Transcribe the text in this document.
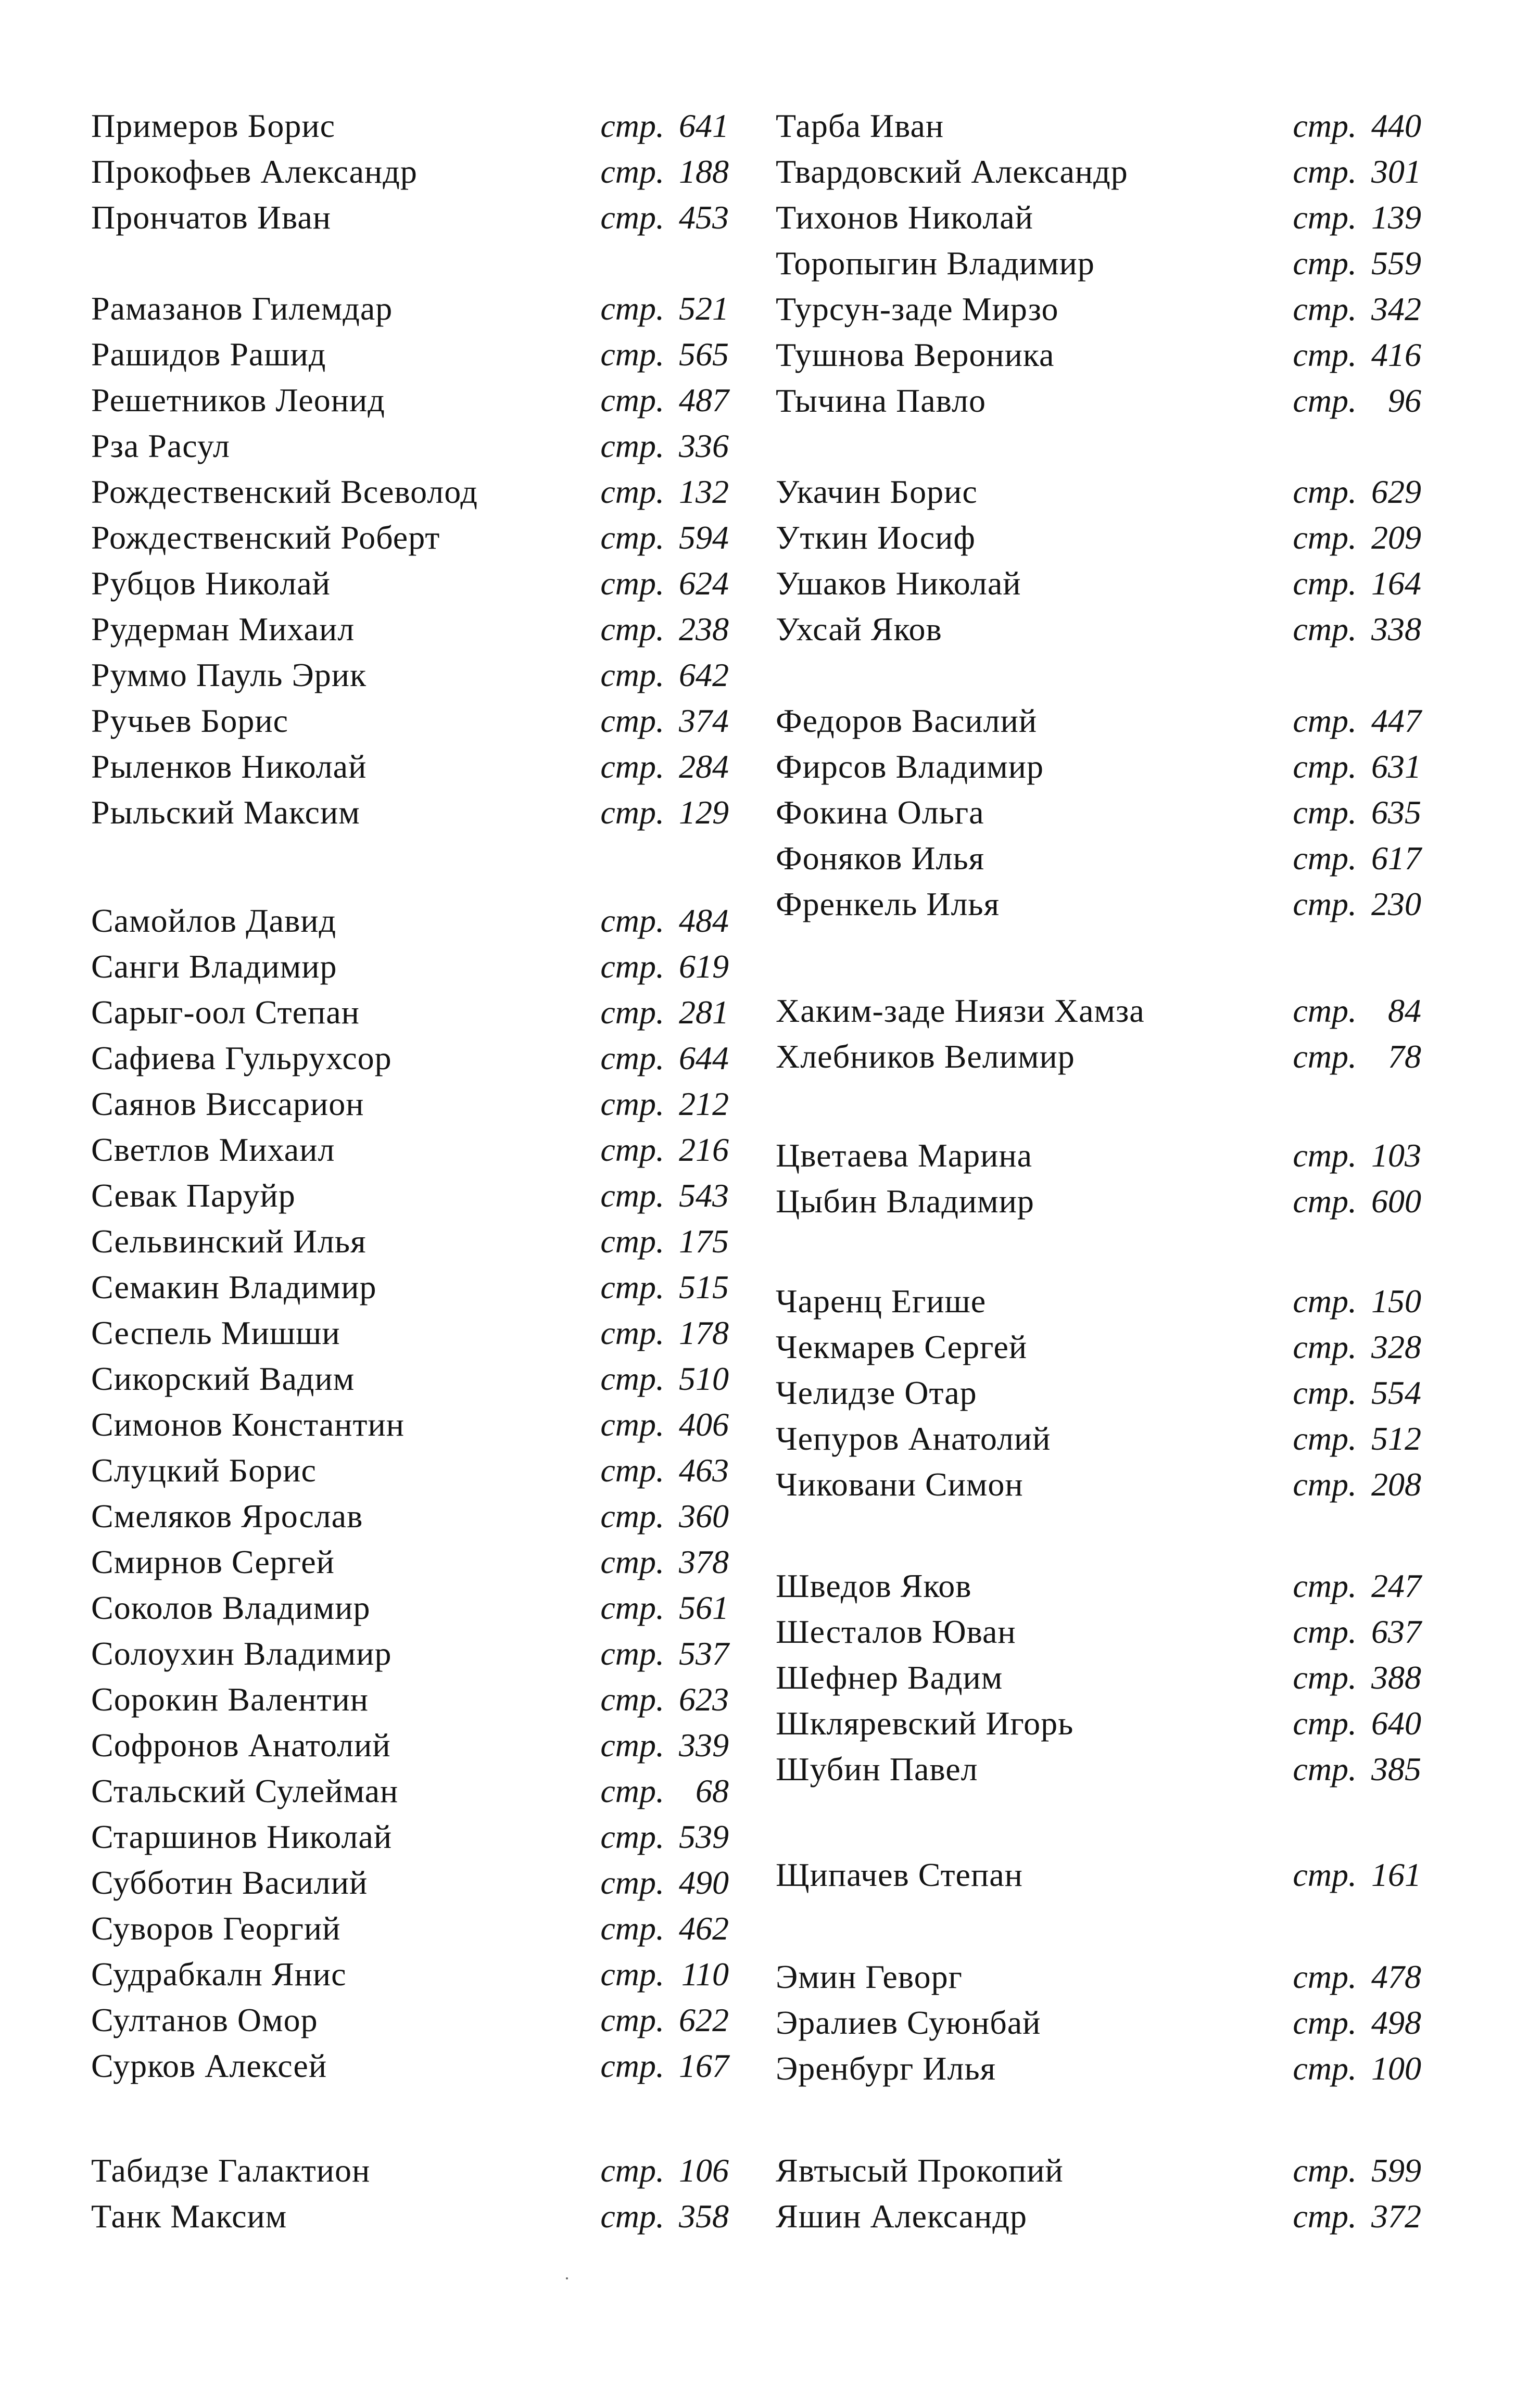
Примеров Борис	стр. 641
Прокофьев Александр	стр. 188
Прончатов Иван	стр. 453
Рамазанов Гилемдар	стр. 521
Рашидов Рашид	стр. 565
Решетников Леонид	стр. 487
Рза Расул	стр. 336
Рождественский Всеволод	стр. 132
Рождественский Роберт	стр. 594
Рубцов Николай	стр. 624
Рудерман Михаил	стр. 238
Руммо Пауль Эрик	стр. 642
Ручьев Борис	стр. 374
Рыленков Николай	стр. 284
Рыльский Максим	стр. 129
Самойлов Давид	стр. 484
Санги Владимир	стр. 619
Сарыг-оол Степан	стр. 281
Сафиева Гульрухсор	стр. 644
Саянов Виссарион	стр. 212
Светлов Михаил	стр. 216
Севак Паруйр	стр. 543
Сельвинский Илья	стр. 175
Семакин Владимир	стр. 515
Сеспель Мишши	стр. 178
Сикорский Вадим	стр. 510
Симонов Константин	стр. 406
Слуцкий Борис	стр. 463
Смеляков Ярослав	стр. 360
Смирнов Сергей	стр. 378
Соколов Владимир	стр. 561
Солоухин Владимир	стр. 537
Сорокин Валентин	стр. 623
Софронов Анатолий	стр. 339
Стальский Сулейман	стр. 68
Старшинов Николай	стр. 539
Субботин Василий	стр. 490
Суворов Георгий	стр. 462
Судрабкалн Янис	стр. 110
Султанов Омор	стр. 622
Сурков Алексей	стр. 167
Табидзе Галактион	стр. 106
Танк Максим	стр. 358
Тарба Иван	стр. 440
Твардовский Александр	стр. 301
Тихонов Николай	стр. 139
Торопыгин Владимир	стр. 559
Турсун-заде Мирзо	стр. 342
Тушнова Вероника	стр. 416
Тычина Павло	стр. 96
Укачин Борис	стр. 629
Уткин Иосиф	стр. 209
Ушаков Николай	стр. 164
Ухсай Яков	стр. 338
Федоров Василий	стр. 447
Фирсов Владимир	стр. 631
Фокина Ольга	стр. 635
Фоняков Илья	стр. 617
Френкель Илья	стр. 230
Хаким-заде Ниязи Хамза	стр. 84
Хлебников Велимир	стр. 78
Цветаева Марина	стр. 103
Цыбин Владимир	стр. 600
Чаренц Егише	стр. 150
Чекмарев Сергей	стр. 328
Челидзе Отар	стр. 554
Чепуров Анатолий	стр. 512
Чиковани Симон	стр. 208
Шведов Яков	стр. 247
Шесталов Юван	стр. 637
Шефнер Вадим	стр. 388
Шкляревский Игорь	стр. 640
Шубин Павел	стр. 385
Щипачев Степан	стр. 161
Эмин Геворг	стр. 478
Эралиев Суюнбай	стр. 498
Эренбург Илья	стр. 100
Явтысый Прокопий	стр. 599
Яшин Александр	стр. 372
